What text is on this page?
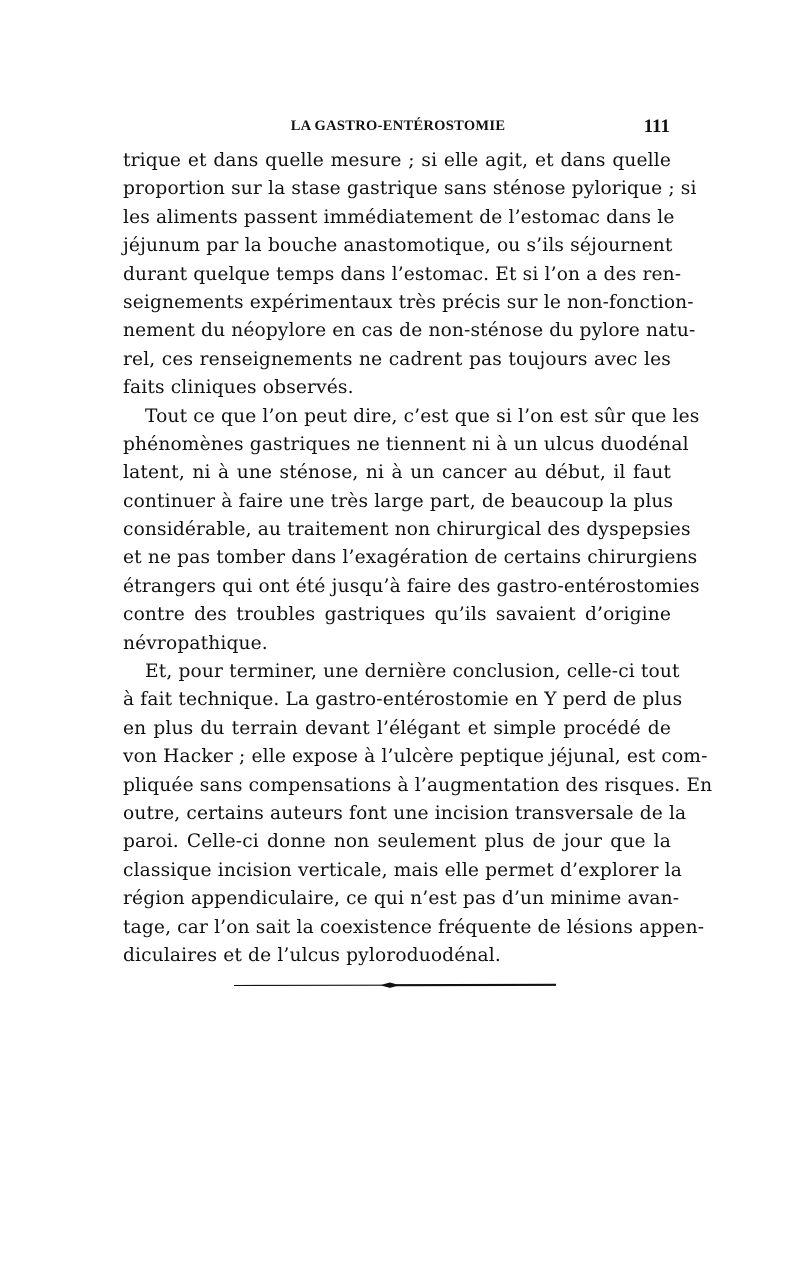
LA GASTRO-ENTÉROSTOMIE	111
trique et dans quelle mesure ; si elle agit, et dans quelle
proportion sur la stase gastrique sans sténose pylorique ; si
les aliments passent immédiatement de l’estomac dans le
jéjunum par la bouche anastomotique, ou s’ils séjournent
durant quelque temps dans l’estomac. Et si l’on a des ren-
seignements expérimentaux très précis sur le non-fonction-
nement du néopylore en cas de non-sténose du pylore natu-
rel, ces renseignements ne cadrent pas toujours avec les
faits cliniques observés.
Tout ce que l’on peut dire, c’est que si l’on est sûr que les
phénomènes gastriques ne tiennent ni à un ulcus duodénal
latent, ni à une sténose, ni à un cancer au début, il faut
continuer à faire une très large part, de beaucoup la plus
considérable, au traitement non chirurgical des dyspepsies
et ne pas tomber dans l’exagération de certains chirurgiens
étrangers qui ont été jusqu’à faire des gastro-entérostomies
contre des troubles gastriques qu’ils savaient d’origine
névropathique.
Et, pour terminer, une dernière conclusion, celle-ci tout
à fait technique. La gastro-entérostomie en Y perd de plus
en plus du terrain devant l’élégant et simple procédé de
von Hacker ; elle expose à l’ulcère peptique jéjunal, est com-
pliquée sans compensations à l’augmentation des risques. En
outre, certains auteurs font une incision transversale de la
paroi. Celle-ci donne non seulement plus de jour que la
classique incision verticale, mais elle permet d’explorer la
région appendiculaire, ce qui n’est pas d’un minime avan-
tage, car l’on sait la coexistence fréquente de lésions appen-
diculaires et de l’ulcus pyloroduodénal.
